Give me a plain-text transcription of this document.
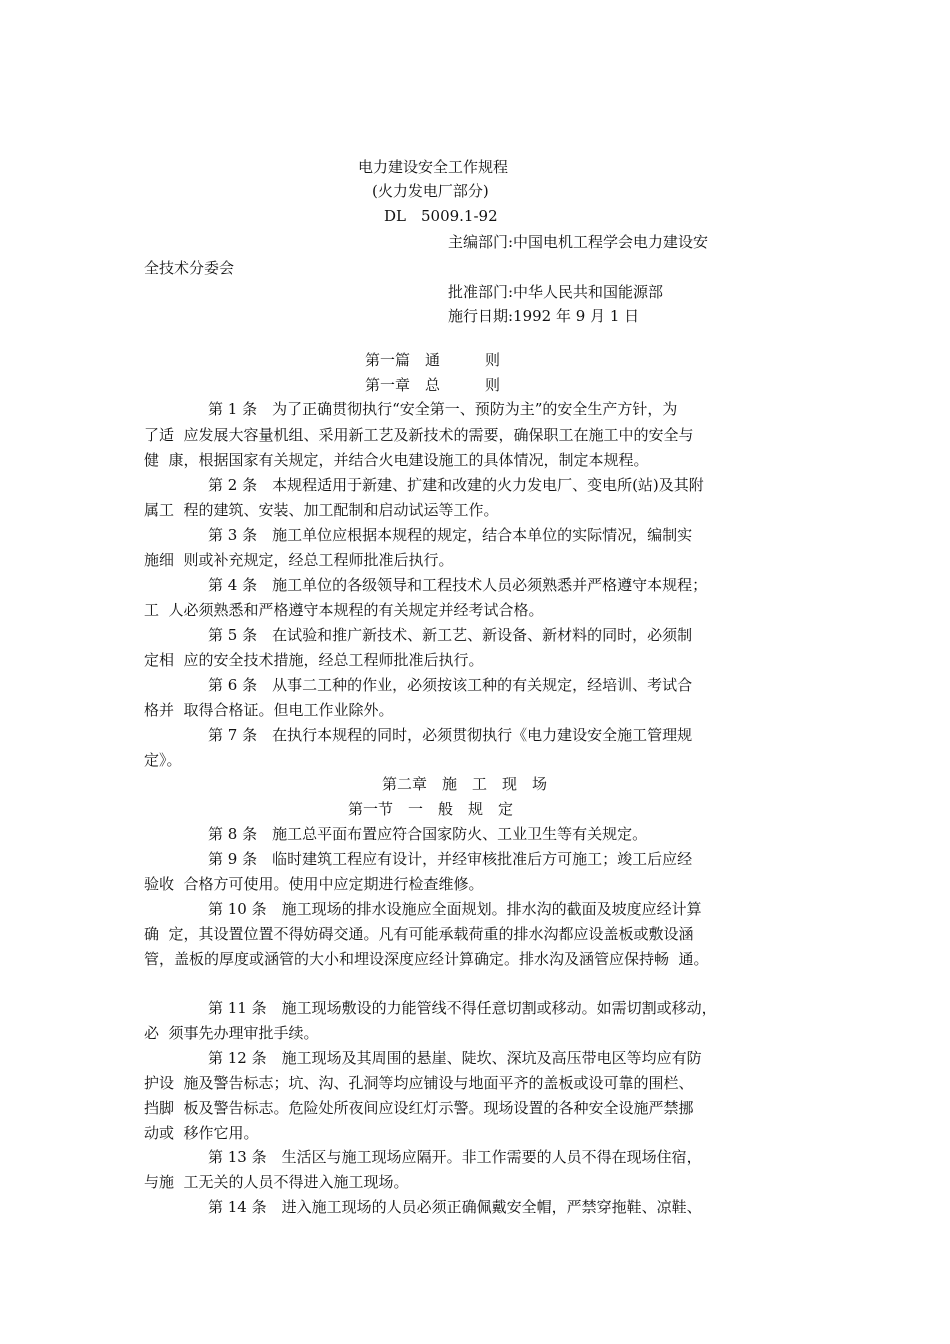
电力建设安全工作规程
(火力发电厂部分)
DL　5009.1-92
主编部门:中国电机工程学会电力建设安
全技术分委会
批准部门:中华人民共和国能源部
施行日期:1992 年 9 月 1 日
第一篇　通　　　则
第一章　总　　　则
第 1 条　为了正确贯彻执行“安全第一、预防为主”的安全生产方针，为
了适  应发展大容量机组、采用新工艺及新技术的需要，确保职工在施工中的安全与
健  康，根据国家有关规定，并结合火电建设施工的具体情况，制定本规程。
第 2 条　本规程适用于新建、扩建和改建的火力发电厂、变电所(站)及其附
属工  程的建筑、安装、加工配制和启动试运等工作。
第 3 条　施工单位应根据本规程的规定，结合本单位的实际情况，编制实
施细  则或补充规定，经总工程师批准后执行。
第 4 条　施工单位的各级领导和工程技术人员必须熟悉并严格遵守本规程；
工  人必须熟悉和严格遵守本规程的有关规定并经考试合格。
第 5 条　在试验和推广新技术、新工艺、新设备、新材料的同时，必须制
定相  应的安全技术措施，经总工程师批准后执行。
第 6 条　从事二工种的作业，必须按该工种的有关规定，经培训、考试合
格并  取得合格证。但电工作业除外。
第 7 条　在执行本规程的同时，必须贯彻执行《电力建设安全施工管理规
定》。
第二章　施　工　现　场
第一节　一　般　规　定
第 8 条　施工总平面布置应符合国家防火、工业卫生等有关规定。
第 9 条　临时建筑工程应有设计，并经审核批准后方可施工；竣工后应经
验收  合格方可使用。使用中应定期进行检查维修。
第 10 条　施工现场的排水设施应全面规划。排水沟的截面及坡度应经计算
确  定，其设置位置不得妨碍交通。凡有可能承载荷重的排水沟都应设盖板或敷设涵
管，盖板的厚度或涵管的大小和埋设深度应经计算确定。排水沟及涵管应保持畅  通。
第 11 条　施工现场敷设的力能管线不得任意切割或移动。如需切割或移动，
必  须事先办理审批手续。
第 12 条　施工现场及其周围的悬崖、陡坎、深坑及高压带电区等均应有防
护设  施及警告标志；坑、沟、孔洞等均应铺设与地面平齐的盖板或设可靠的围栏、
挡脚  板及警告标志。危险处所夜间应设红灯示警。现场设置的各种安全设施严禁挪
动或  移作它用。
第 13 条　生活区与施工现场应隔开。非工作需要的人员不得在现场住宿，
与施  工无关的人员不得进入施工现场。
第 14 条　进入施工现场的人员必须正确佩戴安全帽，严禁穿拖鞋、凉鞋、
